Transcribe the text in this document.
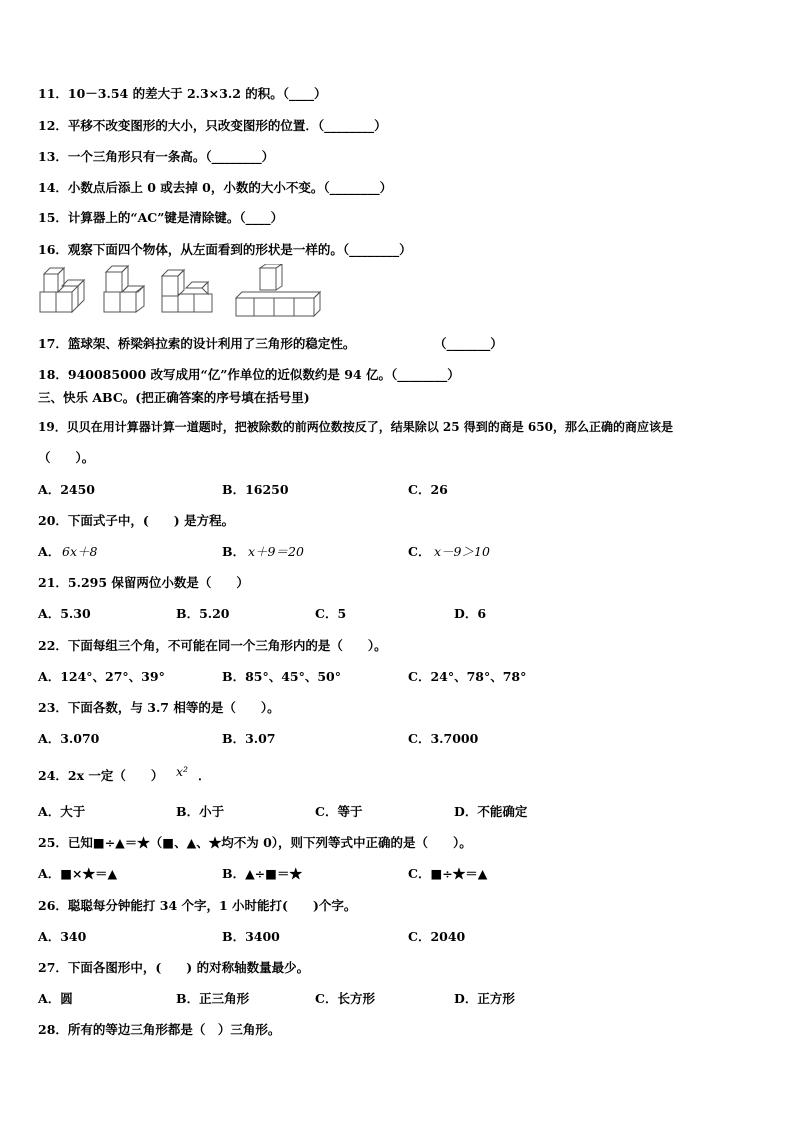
11．10－3.54 的差大于 2.3×3.2 的积。（____）
12．平移不改变图形的大小，只改变图形的位置．（________）
13．一个三角形只有一条高。（________）
14．小数点后添上 0 或去掉 0，小数的大小不变。（________）
15．计算器上的“AC”键是清除键。（____）
16．观察下面四个物体，从左面看到的形状是一样的。（________）
17．篮球架、桥梁斜拉索的设计利用了三角形的稳定性。	（_______）
18．940085000 改写成用“亿”作单位的近似数约是 94 亿。（________）
三、快乐 ABC。(把正确答案的序号填在括号里)
19．贝贝在用计算器计算一道题时，把被除数的前两位数按反了，结果除以 25 得到的商是 650，那么正确的商应该是
（　　）。
A．2450	B．16250	C．26
20．下面式子中，(　　) 是方程。
A． 6x＋8	B． x＋9＝20	C． x－9＞10
21．5.295 保留两位小数是（　　）
A．5.30	B．5.20	C．5	D．6
22．下面每组三个角，不可能在同一个三角形内的是（　　）。
A．124°、27°、39°	B．85°、45°、50°	C．24°、78°、78°
23．下面各数，与 3.7 相等的是（　　）。
A．3.070	B．3.07	C．3.7000
24．2x 一定（　　） x² ．
A．大于	B．小于	C．等于	D．不能确定
25．已知■÷▲＝★（■、▲、★均不为 0），则下列等式中正确的是（　　）。
A．■×★＝▲	B．▲÷■＝★	C．■÷★＝▲
26．聪聪每分钟能打 34 个字，1 小时能打(　　)个字。
A．340	B．3400	C．2040
27．下面各图形中，(　　) 的对称轴数量最少。
A．圆	B．正三角形	C．长方形	D．正方形
28．所有的等边三角形都是（　）三角形。
